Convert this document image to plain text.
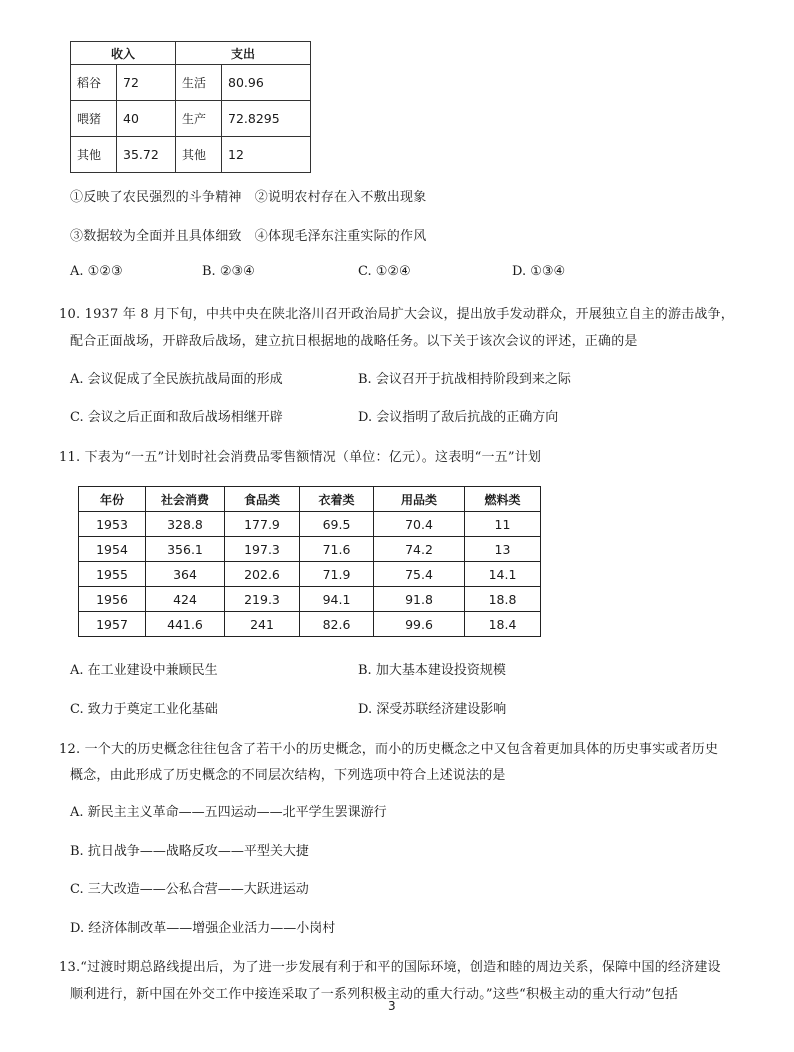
收入		支出	
稻谷	72	生活	80.96
喂猪	40	生产	72.8295
其他	35.72	其他	12
①反映了农民强烈的斗争精神　②说明农村存在入不敷出现象
③数据较为全面并且具体细致　④体现毛泽东注重实际的作风
A. ①②③	B. ②③④	C. ①②④	D. ①③④
10. 1937 年 8 月下旬，中共中央在陕北洛川召开政治局扩大会议，提出放手发动群众，开展独立自主的游击战争，
配合正面战场，开辟敌后战场，建立抗日根据地的战略任务。以下关于该次会议的评述，正确的是
A. 会议促成了全民族抗战局面的形成	B. 会议召开于抗战相持阶段到来之际
C. 会议之后正面和敌后战场相继开辟	D. 会议指明了敌后抗战的正确方向
11. 下表为“一五”计划时社会消费品零售额情况（单位：亿元）。这表明“一五”计划
年份	社会消费	食品类	衣着类	用品类	燃料类
1953	328.8	177.9	69.5	70.4	11
1954	356.1	197.3	71.6	74.2	13
1955	364	202.6	71.9	75.4	14.1
1956	424	219.3	94.1	91.8	18.8
1957	441.6	241	82.6	99.6	18.4
A. 在工业建设中兼顾民生	B. 加大基本建设投资规模
C. 致力于奠定工业化基础	D. 深受苏联经济建设影响
12. 一个大的历史概念往往包含了若干小的历史概念，而小的历史概念之中又包含着更加具体的历史事实或者历史
概念，由此形成了历史概念的不同层次结构，下列选项中符合上述说法的是
A. 新民主主义革命——五四运动——北平学生罢课游行
B. 抗日战争——战略反攻——平型关大捷
C. 三大改造——公私合营——大跃进运动
D. 经济体制改革——增强企业活力——小岗村
13.“过渡时期总路线提出后，为了进一步发展有利于和平的国际环境，创造和睦的周边关系，保障中国的经济建设
顺利进行，新中国在外交工作中接连采取了一系列积极主动的重大行动。”这些“积极主动的重大行动”包括
3
